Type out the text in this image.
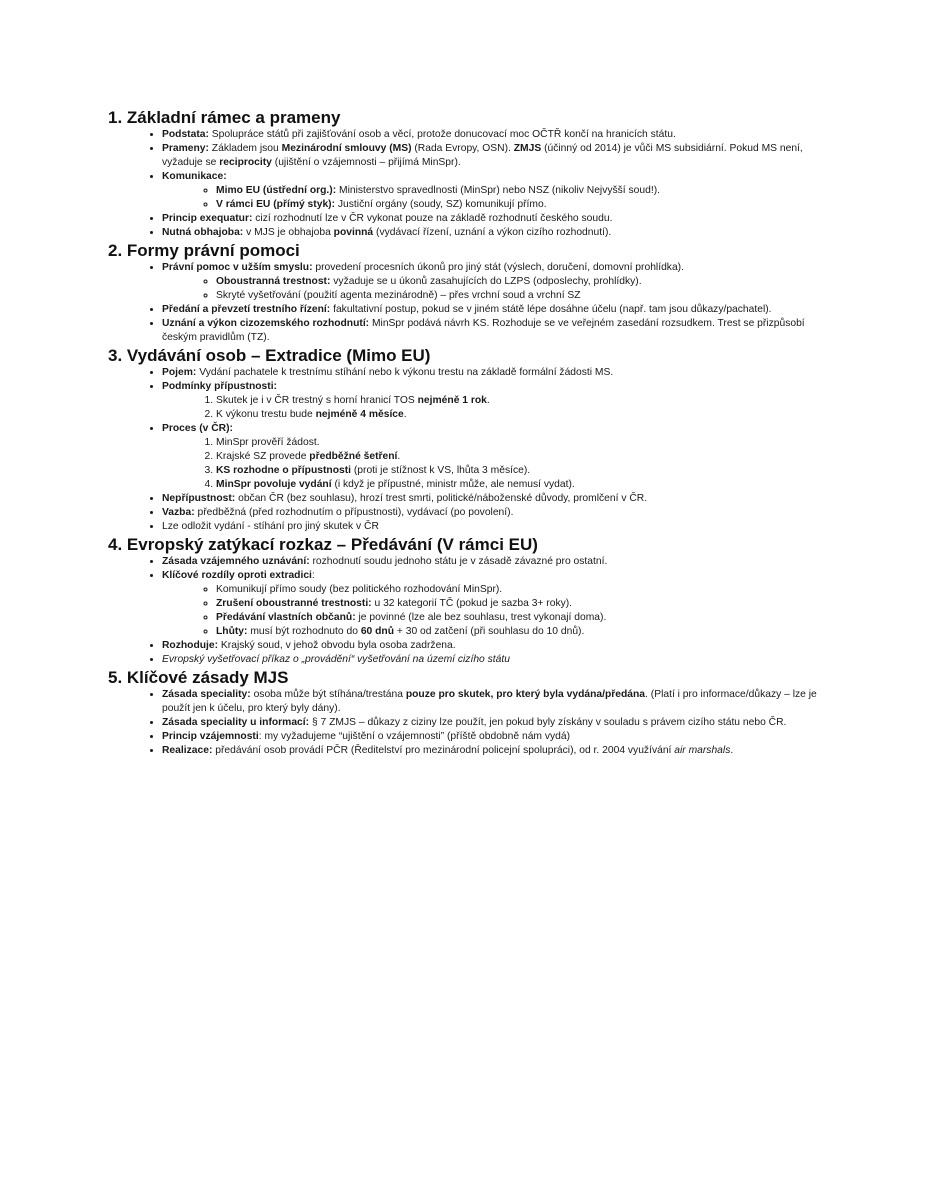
1. Základní rámec a prameny
• Podstata: Spolupráce států při zajišťování osob a věcí, protože donucovací moc OČTŘ končí na hranicích státu.
• Prameny: Základem jsou Mezinárodní smlouvy (MS) (Rada Evropy, OSN). ZMJS (účinný od 2014) je vůči MS subsidiární. Pokud MS není, vyžaduje se reciprocity (ujištění o vzájemnosti – přijímá MinSpr).
• Komunikace:
◦ Mimo EU (ústřední org.): Ministerstvo spravedlnosti (MinSpr) nebo NSZ (nikoliv Nejvyšší soud!).
◦ V rámci EU (přímý styk): Justiční orgány (soudy, SZ) komunikují přímo.
• Princip exequatur: cizí rozhodnutí lze v ČR vykonat pouze na základě rozhodnutí českého soudu.
• Nutná obhajoba: v MJS je obhajoba povinná (vydávací řízení, uznání a výkon cizího rozhodnutí).
2. Formy právní pomoci
• Právní pomoc v užším smyslu: provedení procesních úkonů pro jiný stát (výslech, doručení, domovní prohlídka).
◦ Oboustranná trestnost: vyžaduje se u úkonů zasahujících do LZPS (odposlechy, prohlídky).
◦ Skryté vyšetřování (použití agenta mezinárodně) – přes vrchní soud a vrchní SZ
• Předání a převzetí trestního řízení: fakultativní postup, pokud se v jiném státě lépe dosáhne účelu (např. tam jsou důkazy/pachatel).
• Uznání a výkon cizozemského rozhodnutí: MinSpr podává návrh KS. Rozhoduje se ve veřejném zasedání rozsudkem. Trest se přizpůsobí českým pravidlům (TZ).
3. Vydávání osob – Extradice (Mimo EU)
• Pojem: Vydání pachatele k trestnímu stíhání nebo k výkonu trestu na základě formální žádosti MS.
• Podmínky přípustnosti:
1. Skutek je i v ČR trestný s horní hranicí TOS nejméně 1 rok.
2. K výkonu trestu bude nejméně 4 měsíce.
• Proces (v ČR):
1. MinSpr prověří žádost.
2. Krajské SZ provede předběžné šetření.
3. KS rozhodne o přípustnosti (proti je stížnost k VS, lhůta 3 měsíce).
4. MinSpr povoluje vydání (i když je přípustné, ministr může, ale nemusí vydat).
• Nepřípustnost: občan ČR (bez souhlasu), hrozí trest smrti, politické/náboženské důvody, promlčení v ČR.
• Vazba: předběžná (před rozhodnutím o přípustnosti), vydávací (po povolení).
• Lze odložit vydání - stíhání pro jiný skutek v ČR
4. Evropský zatýkací rozkaz – Předávání (V rámci EU)
• Zásada vzájemného uznávání: rozhodnutí soudu jednoho státu je v zásadě závazné pro ostatní.
• Klíčové rozdíly oproti extradici:
◦ Komunikují přímo soudy (bez politického rozhodování MinSpr).
◦ Zrušení oboustranné trestnosti: u 32 kategorií TČ (pokud je sazba 3+ roky).
◦ Předávání vlastních občanů: je povinné (lze ale bez souhlasu, trest vykonají doma).
◦ Lhůty: musí být rozhodnuto do 60 dnů + 30 od zatčení (při souhlasu do 10 dnů).
• Rozhoduje: Krajský soud, v jehož obvodu byla osoba zadržena.
• Evropský vyšetřovací příkaz o „provádění“ vyšetřování na území cizího státu
5. Klíčové zásady MJS
• Zásada speciality: osoba může být stíhána/trestána pouze pro skutek, pro který byla vydána/předána. (Platí i pro informace/důkazy – lze je použít jen k účelu, pro který byly dány).
• Zásada speciality u informací: § 7 ZMJS – důkazy z ciziny lze použít, jen pokud byly získány v souladu s právem cizího státu nebo ČR.
• Princip vzájemnosti: my vyžadujeme “ujištění o vzájemnosti” (příště obdobně nám vydá)
• Realizace: předávání osob provádí PČR (Ředitelství pro mezinárodní policejní spolupráci), od r. 2004 využívání air marshals.
